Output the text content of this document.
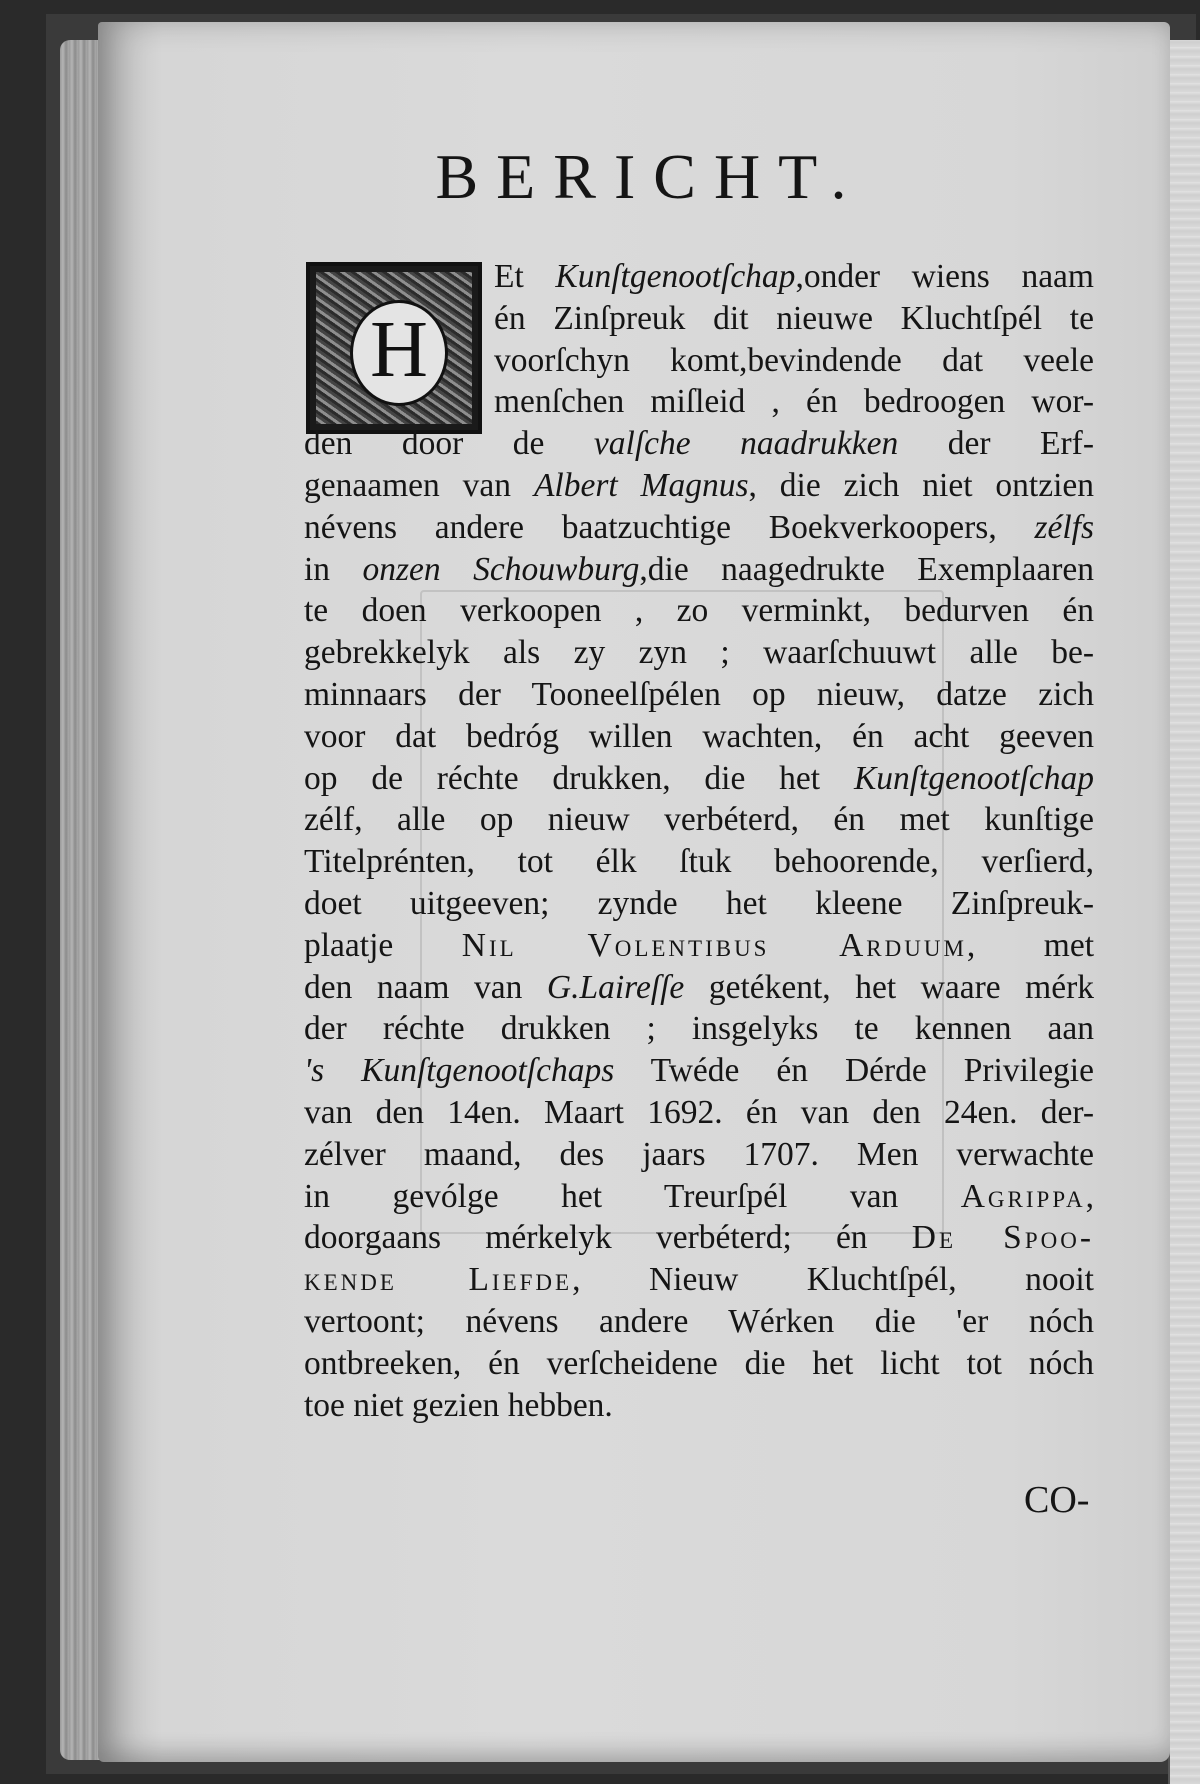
BERICHT.
H
Et Kunſtgenootſchap,onder wiens naam
én Zinſpreuk dit nieuwe Kluchtſpél te
voorſchyn komt,bevindende dat veele
menſchen miſleid , én bedroogen wor-
den door de valſche naadrukken der Erf-
genaamen van Albert Magnus, die zich niet ontzien
névens andere baatzuchtige Boekverkoopers, zélfs
in onzen Schouwburg,die naagedrukte Exemplaaren
te doen verkoopen , zo verminkt, bedurven én
gebrekkelyk als zy zyn ; waarſchuuwt alle be-
minnaars der Tooneelſpélen op nieuw, datze zich
voor dat bedróg willen wachten, én acht geeven
op de réchte drukken, die het Kunſtgenootſchap
zélf, alle op nieuw verbéterd, én met kunſtige
Titelprénten, tot élk ſtuk behoorende, verſierd,
doet uitgeeven; zynde het kleene Zinſpreuk-
plaatje Nil Volentibus Arduum, met
den naam van G.Laireſſe getékent, het waare mérk
der réchte drukken ; insgelyks te kennen aan
's Kunſtgenootſchaps Twéde én Dérde Privilegie
van den 14en. Maart 1692. én van den 24en. der-
zélver maand, des jaars 1707. Men verwachte
in gevólge het Treurſpél van Agrippa,
doorgaans mérkelyk verbéterd; én De Spoo-
kende Liefde, Nieuw Kluchtſpél, nooit
vertoont; névens andere Wérken die 'er nóch
ontbreeken, én verſcheidene die het licht tot nóch
toe niet gezien hebben.
CO-
